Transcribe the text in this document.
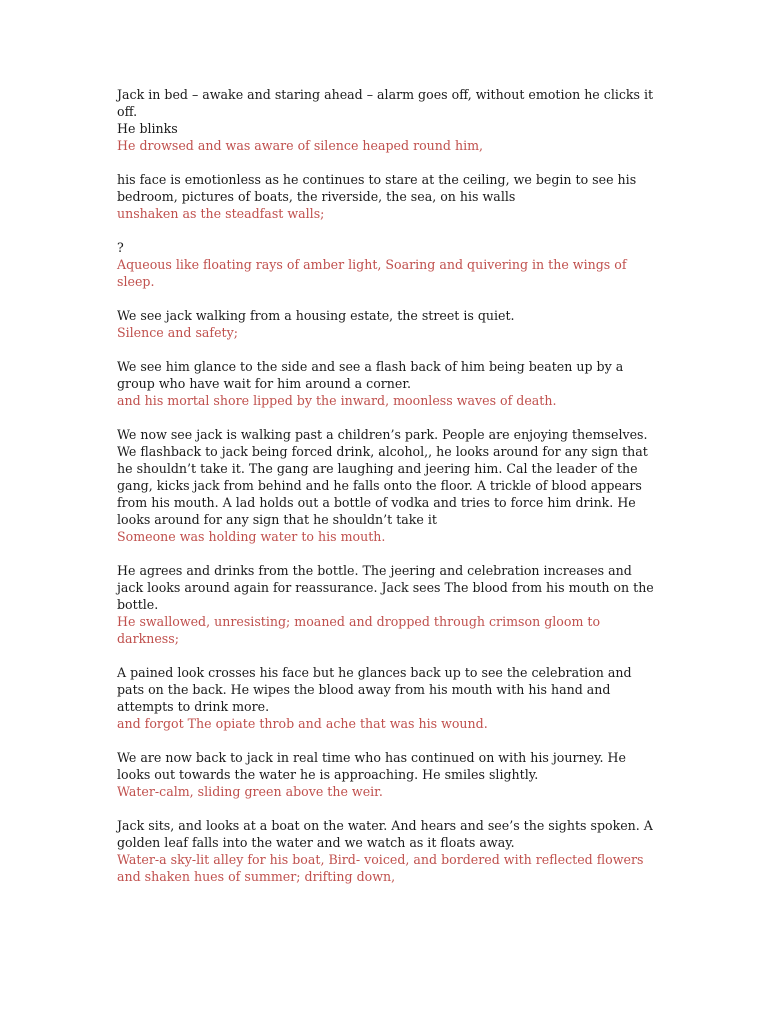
Jack in bed – awake and staring ahead – alarm goes off, without emotion he clicks it off.

He blinks

He drowsed and was aware of silence heaped round him,

his face is emotionless as he continues to stare at the ceiling, we begin to see his bedroom, pictures of boats, the riverside, the sea, on his walls

unshaken as the steadfast walls;

?

Aqueous like floating rays of amber light, Soaring and quivering in the wings of sleep.

We see jack walking from a housing estate, the street is quiet.

Silence and safety;

We see him glance to the side and see a flash back of him being beaten up by a group who have wait for him around a corner.

and his mortal shore lipped by the inward, moonless waves of death.

We now see jack is walking past a children’s park. People are enjoying themselves. We flashback to jack being forced drink, alcohol,, he looks around for any sign that he shouldn’t take it. The gang are laughing and jeering him. Cal the leader of the gang, kicks jack from behind and he falls onto the floor. A trickle of blood appears from his mouth. A lad holds out a bottle of vodka and tries to force him drink. He looks around for any sign that he shouldn’t take it

Someone was holding water to his mouth.

He agrees and drinks from the bottle. The jeering and celebration increases and jack looks around again for reassurance. Jack sees The blood from his mouth on the bottle.

He swallowed, unresisting; moaned and dropped through crimson gloom to darkness;

A pained look crosses his face but he glances back up to see the celebration and pats on the back. He wipes the blood away from his mouth with his hand and attempts to drink more.

and forgot The opiate throb and ache that was his wound.

We are now back to jack in real time who has continued on with his journey. He looks out towards the water he is approaching. He smiles slightly.

Water-calm, sliding green above the weir.

Jack sits, and looks at a boat on the water. And hears and see’s the sights spoken. A golden leaf falls into the water and we watch as it floats away.

Water-a sky-lit alley for his boat, Bird- voiced, and bordered with reflected flowers and shaken hues of summer; drifting down,
